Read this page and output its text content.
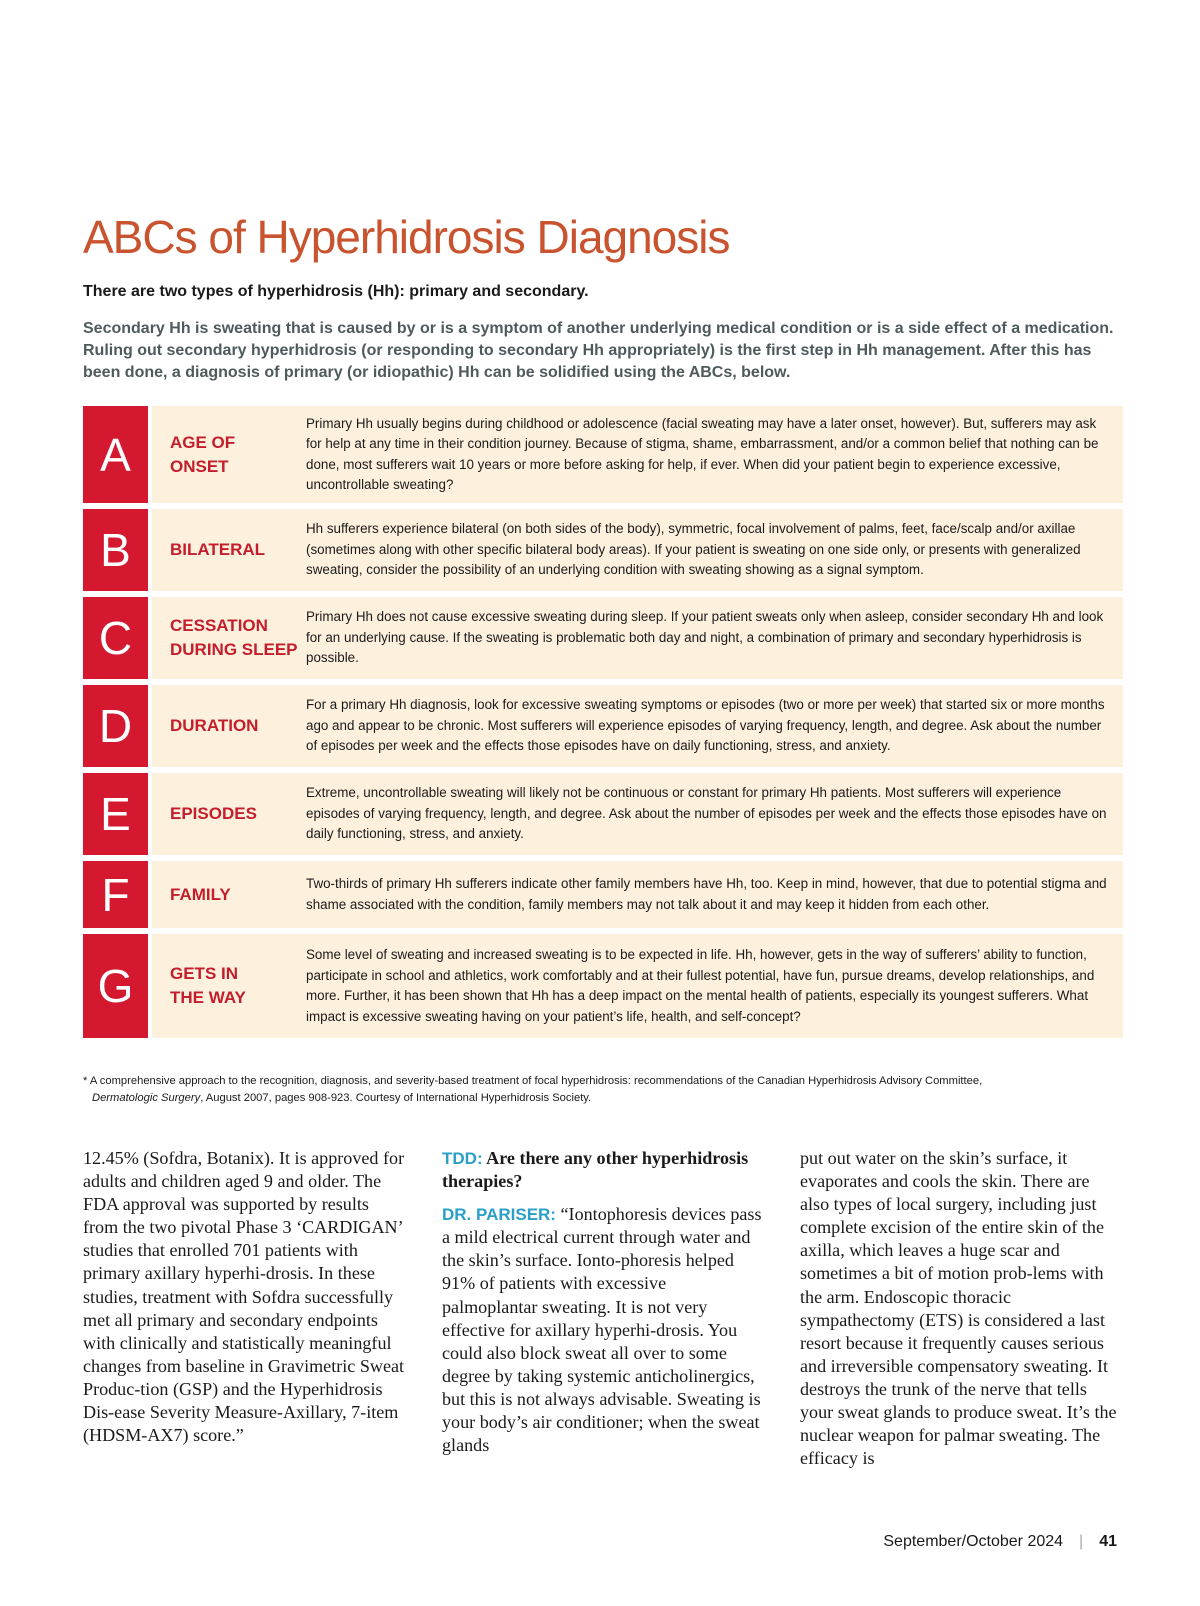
ABCs of Hyperhidrosis Diagnosis

There are two types of hyperhidrosis (Hh): primary and secondary.

Secondary Hh is sweating that is caused by or is a symptom of another underlying medical condition or is a side effect of a medication. Ruling out secondary hyperhidrosis (or responding to secondary Hh appropriately) is the first step in Hh management. After this has been done, a diagnosis of primary (or idiopathic) Hh can be solidified using the ABCs, below.

A	AGE OF
ONSET
Primary Hh usually begins during childhood or adolescence (facial sweating may have a later onset, however). But, sufferers may ask for help at any time in their condition journey. Because of stigma, shame, embarrassment, and/or a common belief that nothing can be done, most sufferers wait 10 years or more before asking for help, if ever. When did your patient begin to experience excessive, uncontrollable sweating?
B	BILATERAL
Hh sufferers experience bilateral (on both sides of the body), symmetric, focal involvement of palms, feet, face/scalp and/or axillae (sometimes along with other specific bilateral body areas). If your patient is sweating on one side only, or presents with generalized sweating, consider the possibility of an underlying condition with sweating showing as a signal symptom.
C	CESSATION
DURING SLEEP
Primary Hh does not cause excessive sweating during sleep. If your patient sweats only when asleep, consider secondary Hh and look for an underlying cause. If the sweating is problematic both day and night, a combination of primary and secondary hyperhidrosis is possible.
D	DURATION
For a primary Hh diagnosis, look for excessive sweating symptoms or episodes (two or more per week) that started six or more months ago and appear to be chronic. Most sufferers will experience episodes of varying frequency, length, and degree. Ask about the number of episodes per week and the effects those episodes have on daily functioning, stress, and anxiety.
E	EPISODES
Extreme, uncontrollable sweating will likely not be continuous or constant for primary Hh patients. Most sufferers will experience episodes of varying frequency, length, and degree. Ask about the number of episodes per week and the effects those episodes have on daily functioning, stress, and anxiety.
F	FAMILY
Two-thirds of primary Hh sufferers indicate other family members have Hh, too. Keep in mind, however, that due to potential stigma and shame associated with the condition, family members may not talk about it and may keep it hidden from each other.
G	GETS IN
THE WAY
Some level of sweating and increased sweating is to be expected in life. Hh, however, gets in the way of sufferers’ ability to function, participate in school and athletics, work comfortably and at their fullest potential, have fun, pursue dreams, develop relationships, and more. Further, it has been shown that Hh has a deep impact on the mental health of patients, especially its youngest sufferers. What impact is excessive sweating having on your patient’s life, health, and self-concept?
* A comprehensive approach to the recognition, diagnosis, and severity-based treatment of focal hyperhidrosis: recommendations of the Canadian Hyperhidrosis Advisory Committee,
Dermatologic Surgery, August 2007, pages 908-923. Courtesy of International Hyperhidrosis Society.

12.45% (Sofdra, Botanix). It is approved for adults and children aged 9 and older. The FDA approval was supported by results from the two pivotal Phase 3 ‘CARDIGAN’ studies that enrolled 701 patients with primary axillary hyperhi-drosis. In these studies, treatment with Sofdra successfully met all primary and secondary endpoints with clinically and statistically meaningful changes from baseline in Gravimetric Sweat Produc-tion (GSP) and the Hyperhidrosis Dis-ease Severity Measure-Axillary, 7-item (HDSM-AX7) score.”

TDD: Are there any other hyperhidrosis therapies?

DR. PARISER: “Iontophoresis devices pass a mild electrical current through water and the skin’s surface. Ionto-phoresis helped 91% of patients with excessive palmoplantar sweating. It is not very effective for axillary hyperhi-drosis. You could also block sweat all over to some degree by taking systemic anticholinergics, but this is not always advisable. Sweating is your body’s air conditioner; when the sweat glands

put out water on the skin’s surface, it evaporates and cools the skin. There are also types of local surgery, including just complete excision of the entire skin of the axilla, which leaves a huge scar and sometimes a bit of motion prob-lems with the arm. Endoscopic thoracic sympathectomy (ETS) is considered a last resort because it frequently causes serious and irreversible compensatory sweating. It destroys the trunk of the nerve that tells your sweat glands to produce sweat. It’s the nuclear weapon for palmar sweating. The efficacy is

September/October 2024 | 41
